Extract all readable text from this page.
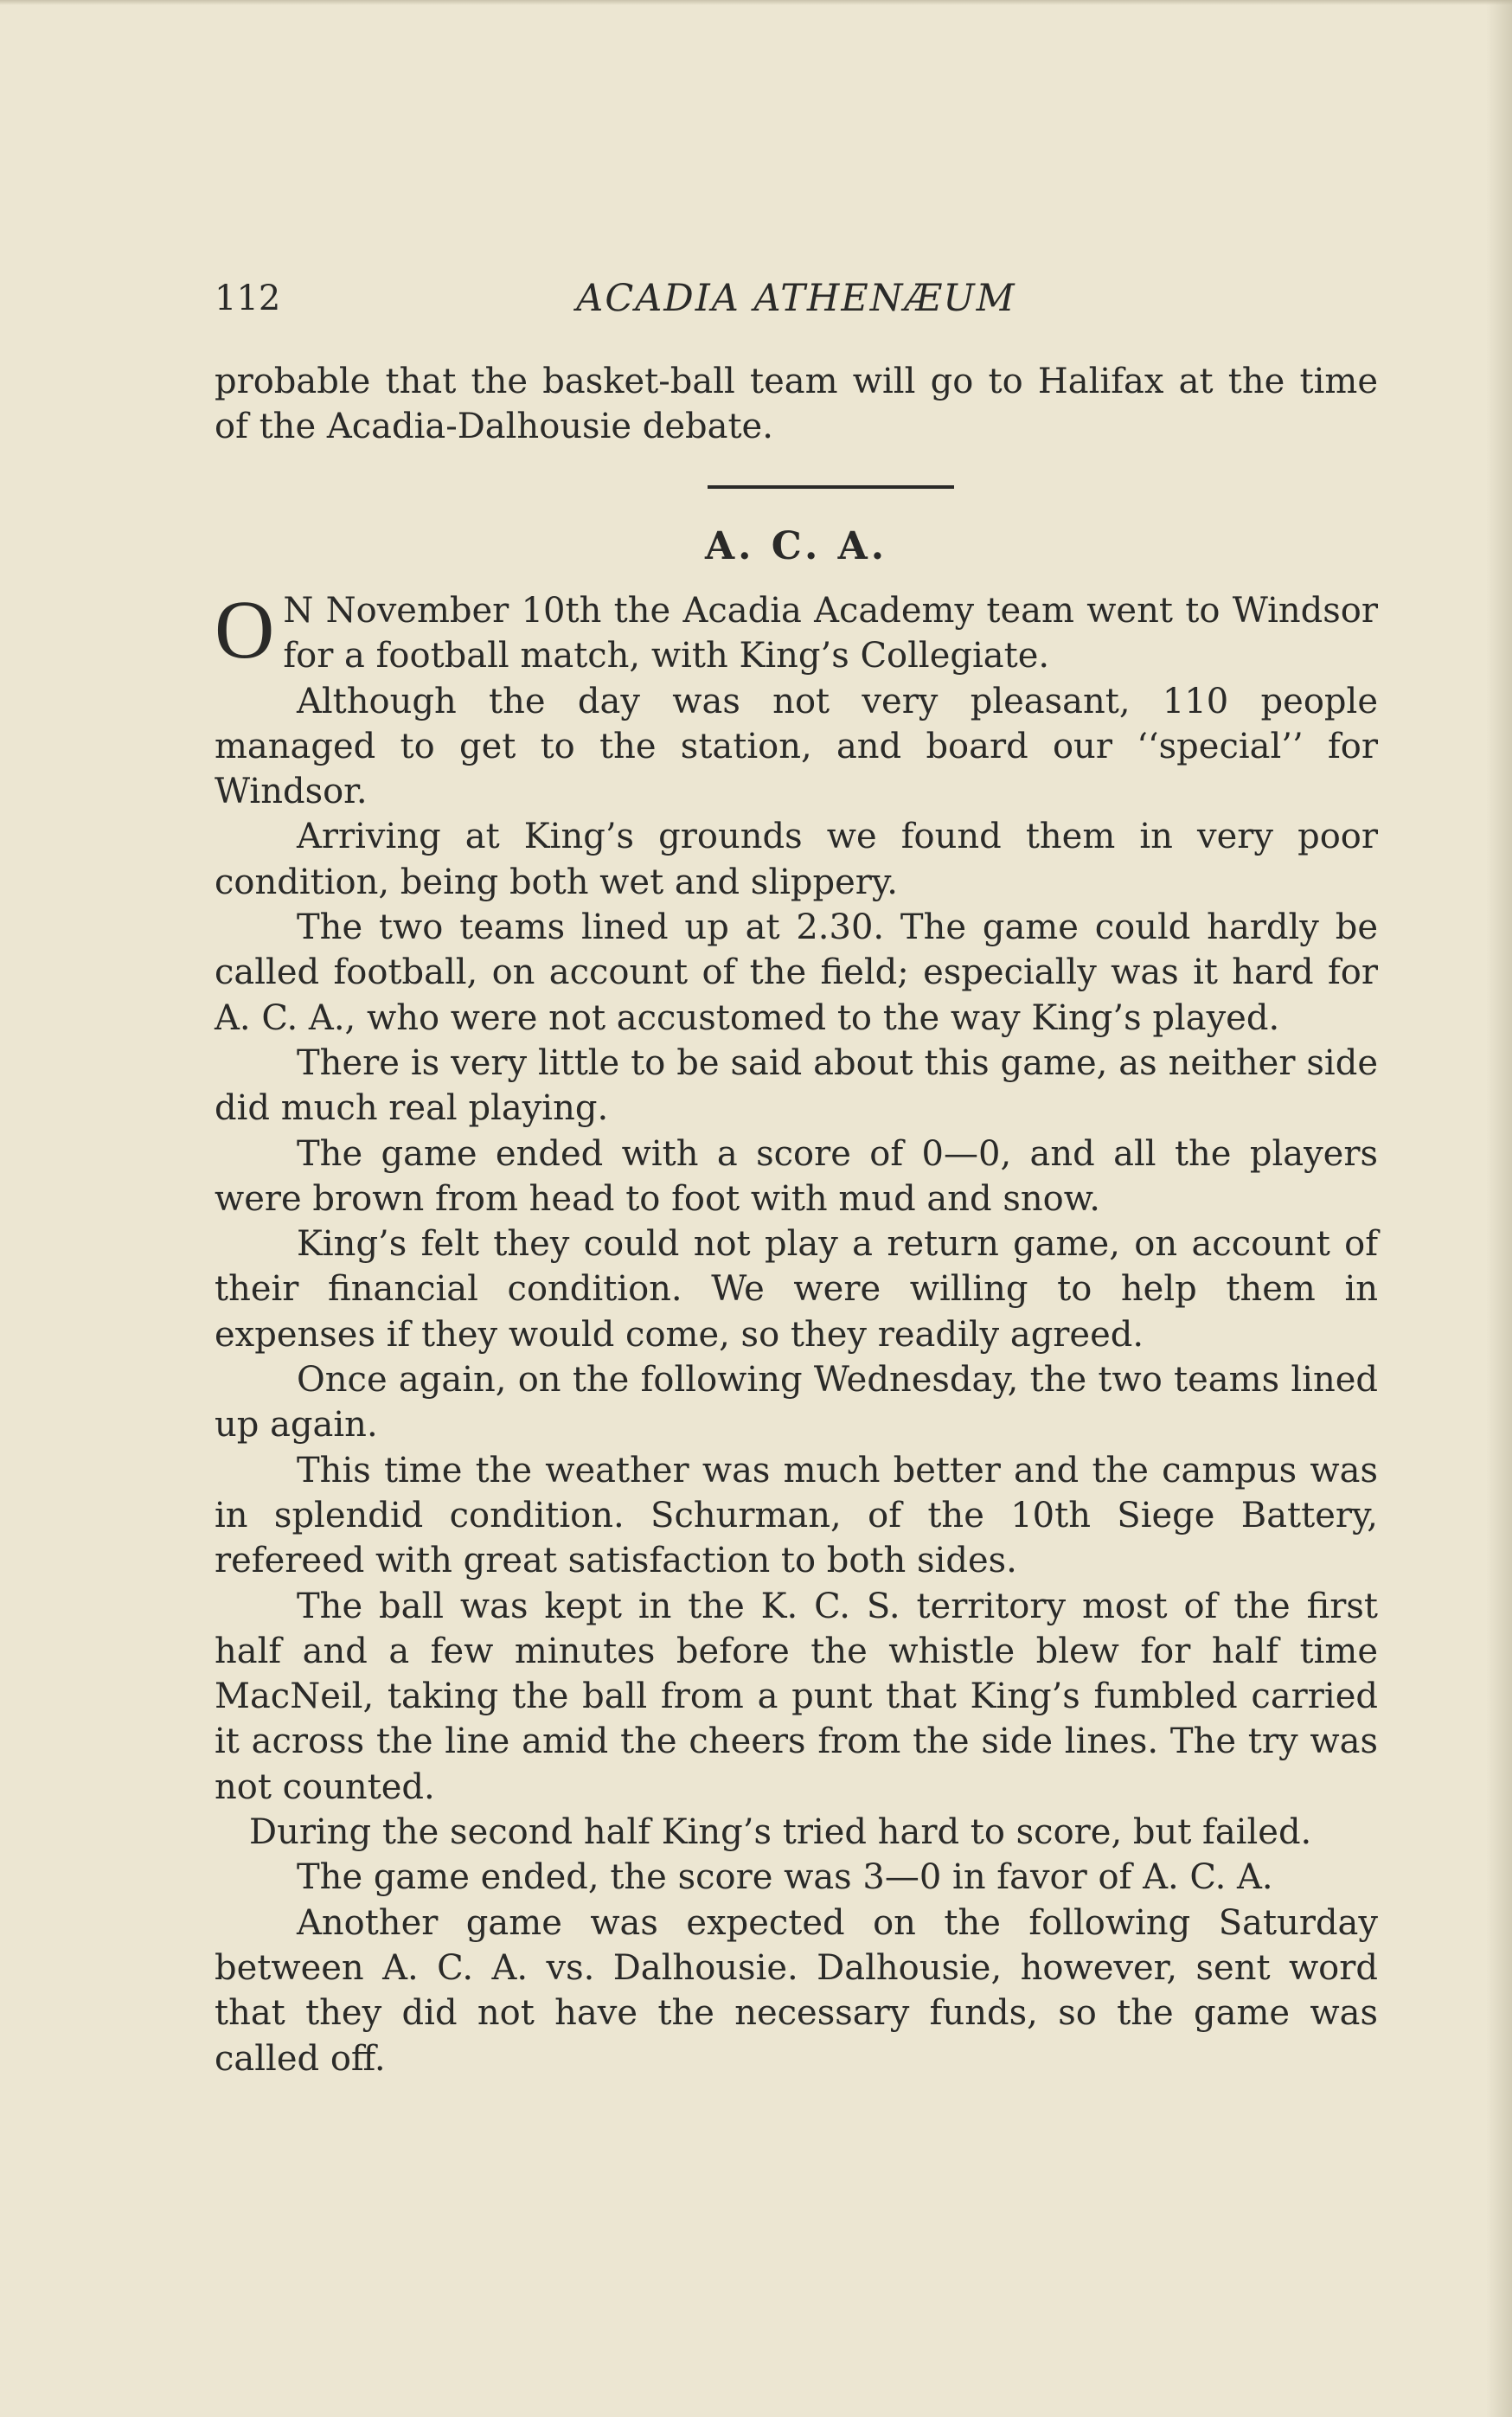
112	ACADIA ATHENÆUM

probable that the basket-ball team will go to Halifax at the time of the Acadia-Dalhousie debate.

A. C. A.

O N November 10th the Acadia Academy team went to Windsor for a football match, with King’s Collegiate.

Although the day was not very pleasant, 110 people managed to get to the station, and board our ‘‘special’’ for Windsor.

Arriving at King’s grounds we found them in very poor condition, being both wet and slippery.

The two teams lined up at 2.30. The game could hardly be called football, on account of the field; especially was it hard for A. C. A., who were not accustomed to the way King’s played.

There is very little to be said about this game, as neither side did much real playing.

The game ended with a score of 0—0, and all the players were brown from head to foot with mud and snow.

King’s felt they could not play a return game, on account of their financial condition. We were willing to help them in expenses if they would come, so they readily agreed.

Once again, on the following Wednesday, the two teams lined up again.

This time the weather was much better and the campus was in splendid condition. Schurman, of the 10th Siege Battery, refereed with great satisfaction to both sides.

The ball was kept in the K. C. S. territory most of the first half and a few minutes before the whistle blew for half time MacNeil, taking the ball from a punt that King’s fumbled carried it across the line amid the cheers from the side lines. The try was not counted.

During the second half King’s tried hard to score, but failed.

The game ended, the score was 3—0 in favor of A. C. A.

Another game was expected on the following Saturday between A. C. A. vs. Dalhousie. Dalhousie, however, sent word that they did not have the necessary funds, so the game was called off.
